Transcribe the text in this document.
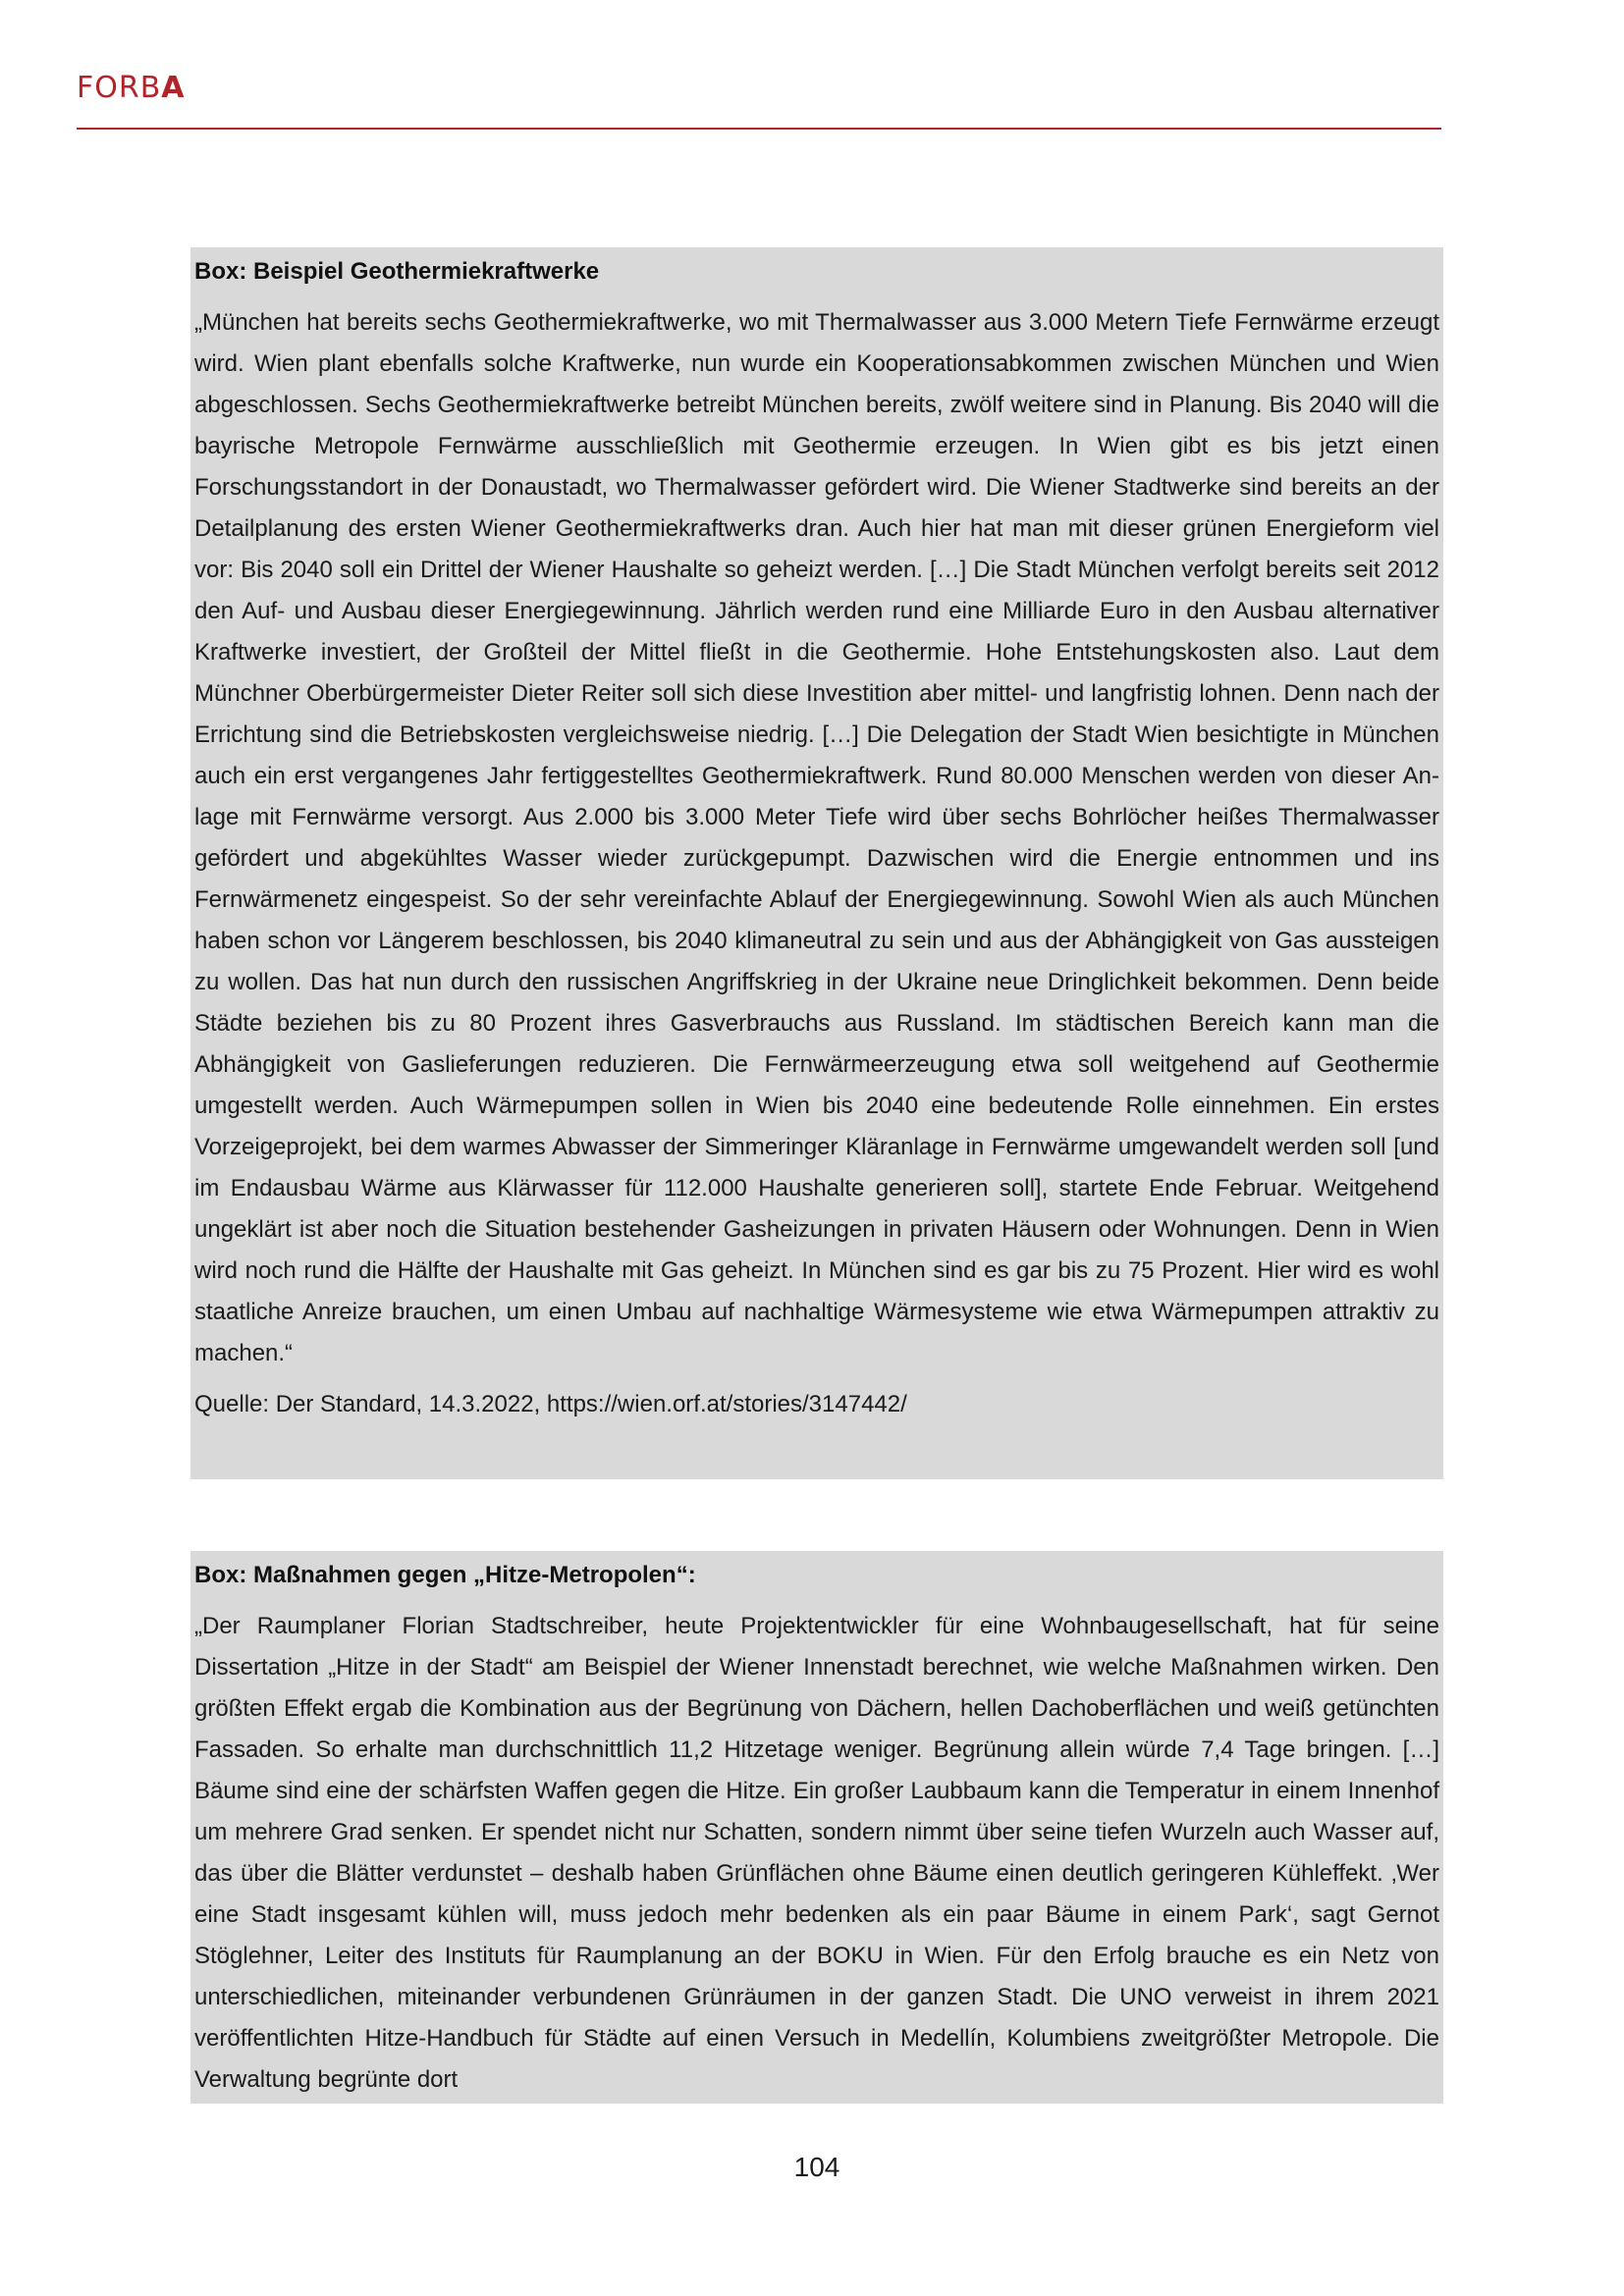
FORBA

Box: Beispiel Geothermiekraftwerke

„München hat bereits sechs Geothermiekraftwerke, wo mit Thermalwasser aus 3.000 Metern Tiefe Fernwärme erzeugt wird. Wien plant ebenfalls solche Kraftwerke, nun wurde ein Kooperationsabkommen zwischen München und Wien abgeschlossen. Sechs Geothermiekraftwerke betreibt München bereits, zwölf weitere sind in Planung. Bis 2040 will die bayrische Metropole Fernwärme ausschließlich mit Geothermie erzeugen. In Wien gibt es bis jetzt einen Forschungsstandort in der Donaustadt, wo Thermalwasser gefördert wird. Die Wiener Stadtwerke sind bereits an der Detailplanung des ersten Wiener Geothermiekraftwerks dran. Auch hier hat man mit dieser grünen Energieform viel vor: Bis 2040 soll ein Drittel der Wiener Haushalte so geheizt werden. […] Die Stadt München verfolgt bereits seit 2012 den Auf- und Ausbau dieser Energiegewinnung. Jährlich werden rund eine Milliarde Euro in den Ausbau alternativer Kraftwerke investiert, der Großteil der Mittel fließt in die Geothermie. Hohe Entstehungskosten also. Laut dem Münchner Oberbürgermeister Dieter Reiter soll sich diese Investition aber mittel- und langfristig lohnen. Denn nach der Errichtung sind die Betriebskosten vergleichsweise niedrig. […] Die Delegation der Stadt Wien besichtigte in München auch ein erst vergangenes Jahr fertiggestelltes Geothermiekraftwerk. Rund 80.000 Menschen werden von dieser Anlage mit Fernwärme versorgt. Aus 2.000 bis 3.000 Meter Tiefe wird über sechs Bohrlöcher heißes Thermalwasser gefördert und abgekühltes Wasser wieder zurückgepumpt. Dazwischen wird die Energie entnommen und ins Fernwärmenetz eingespeist. So der sehr vereinfachte Ablauf der Energiegewinnung. Sowohl Wien als auch München haben schon vor Längerem beschlossen, bis 2040 klimaneutral zu sein und aus der Abhängigkeit von Gas aussteigen zu wollen. Das hat nun durch den russischen Angriffskrieg in der Ukraine neue Dringlichkeit bekommen. Denn beide Städte beziehen bis zu 80 Prozent ihres Gasverbrauchs aus Russland. Im städtischen Bereich kann man die Abhängigkeit von Gaslieferungen reduzieren. Die Fernwärmeerzeugung etwa soll weitgehend auf Geothermie umgestellt werden. Auch Wärmepumpen sollen in Wien bis 2040 eine bedeutende Rolle einnehmen. Ein erstes Vorzeigeprojekt, bei dem warmes Abwasser der Simmeringer Kläranlage in Fernwärme umgewandelt werden soll [und im Endausbau Wärme aus Klärwasser für 112.000 Haushalte generieren soll], startete Ende Februar. Weitgehend ungeklärt ist aber noch die Situation bestehender Gasheizungen in privaten Häusern oder Wohnungen. Denn in Wien wird noch rund die Hälfte der Haushalte mit Gas geheizt. In München sind es gar bis zu 75 Prozent. Hier wird es wohl staatliche Anreize brauchen, um einen Umbau auf nachhaltige Wärmesysteme wie etwa Wärmepumpen attraktiv zu machen.“

Quelle: Der Standard, 14.3.2022, https://wien.orf.at/stories/3147442/

Box: Maßnahmen gegen „Hitze-Metropolen“:

„Der Raumplaner Florian Stadtschreiber, heute Projektentwickler für eine Wohnbaugesellschaft, hat für seine Dissertation „Hitze in der Stadt“ am Beispiel der Wiener Innenstadt berechnet, wie welche Maßnahmen wirken. Den größten Effekt ergab die Kombination aus der Begrünung von Dächern, hellen Dachoberflächen und weiß getünchten Fassaden. So erhalte man durchschnittlich 11,2 Hitzetage weniger. Begrünung allein würde 7,4 Tage bringen. […] Bäume sind eine der schärfsten Waffen gegen die Hitze. Ein großer Laubbaum kann die Temperatur in einem Innenhof um mehrere Grad senken. Er spendet nicht nur Schatten, sondern nimmt über seine tiefen Wurzeln auch Wasser auf, das über die Blätter verdunstet – deshalb haben Grünflächen ohne Bäume einen deutlich geringeren Kühleffekt. ‚Wer eine Stadt insgesamt kühlen will, muss jedoch mehr bedenken als ein paar Bäume in einem Park‘, sagt Gernot Stöglehner, Leiter des Instituts für Raumplanung an der BOKU in Wien. Für den Erfolg brauche es ein Netz von unterschiedlichen, miteinander verbundenen Grünräumen in der ganzen Stadt. Die UNO verweist in ihrem 2021 veröffentlichten Hitze-Handbuch für Städte auf einen Versuch in Medellín, Kolumbiens zweitgrößter Metropole. Die Verwaltung begrünte dort

104
